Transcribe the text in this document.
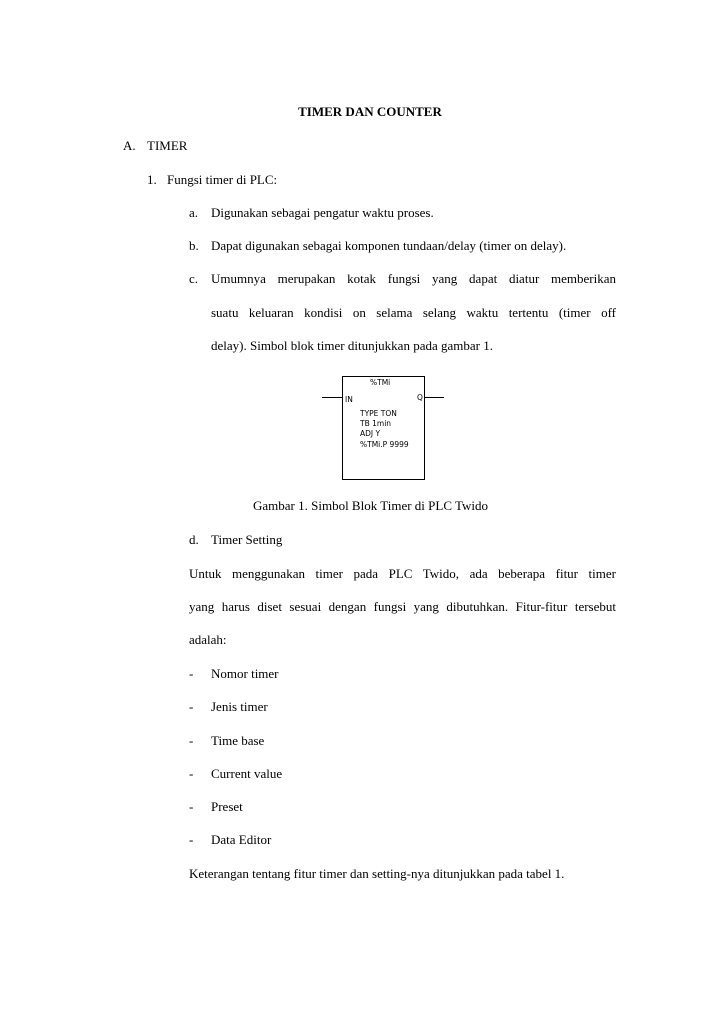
TIMER DAN COUNTER
A. TIMER
1. Fungsi timer di PLC:
a. Digunakan sebagai pengatur waktu proses.
b. Dapat digunakan sebagai komponen tundaan/delay (timer on delay).
c. Umumnya merupakan kotak fungsi yang dapat diatur memberikan
suatu keluaran kondisi on selama selang waktu tertentu (timer off
delay). Simbol blok timer ditunjukkan pada gambar 1.
%TMi
IN	Q
TYPE TON
TB 1min
ADJ Y
%TMi.P 9999
Gambar 1. Simbol Blok Timer di PLC Twido
d. Timer Setting
Untuk menggunakan timer pada PLC Twido, ada beberapa fitur timer
yang harus diset sesuai dengan fungsi yang dibutuhkan. Fitur-fitur tersebut
adalah:
- Nomor timer
- Jenis timer
- Time base
- Current value
- Preset
- Data Editor
Keterangan tentang fitur timer dan setting-nya ditunjukkan pada tabel 1.
